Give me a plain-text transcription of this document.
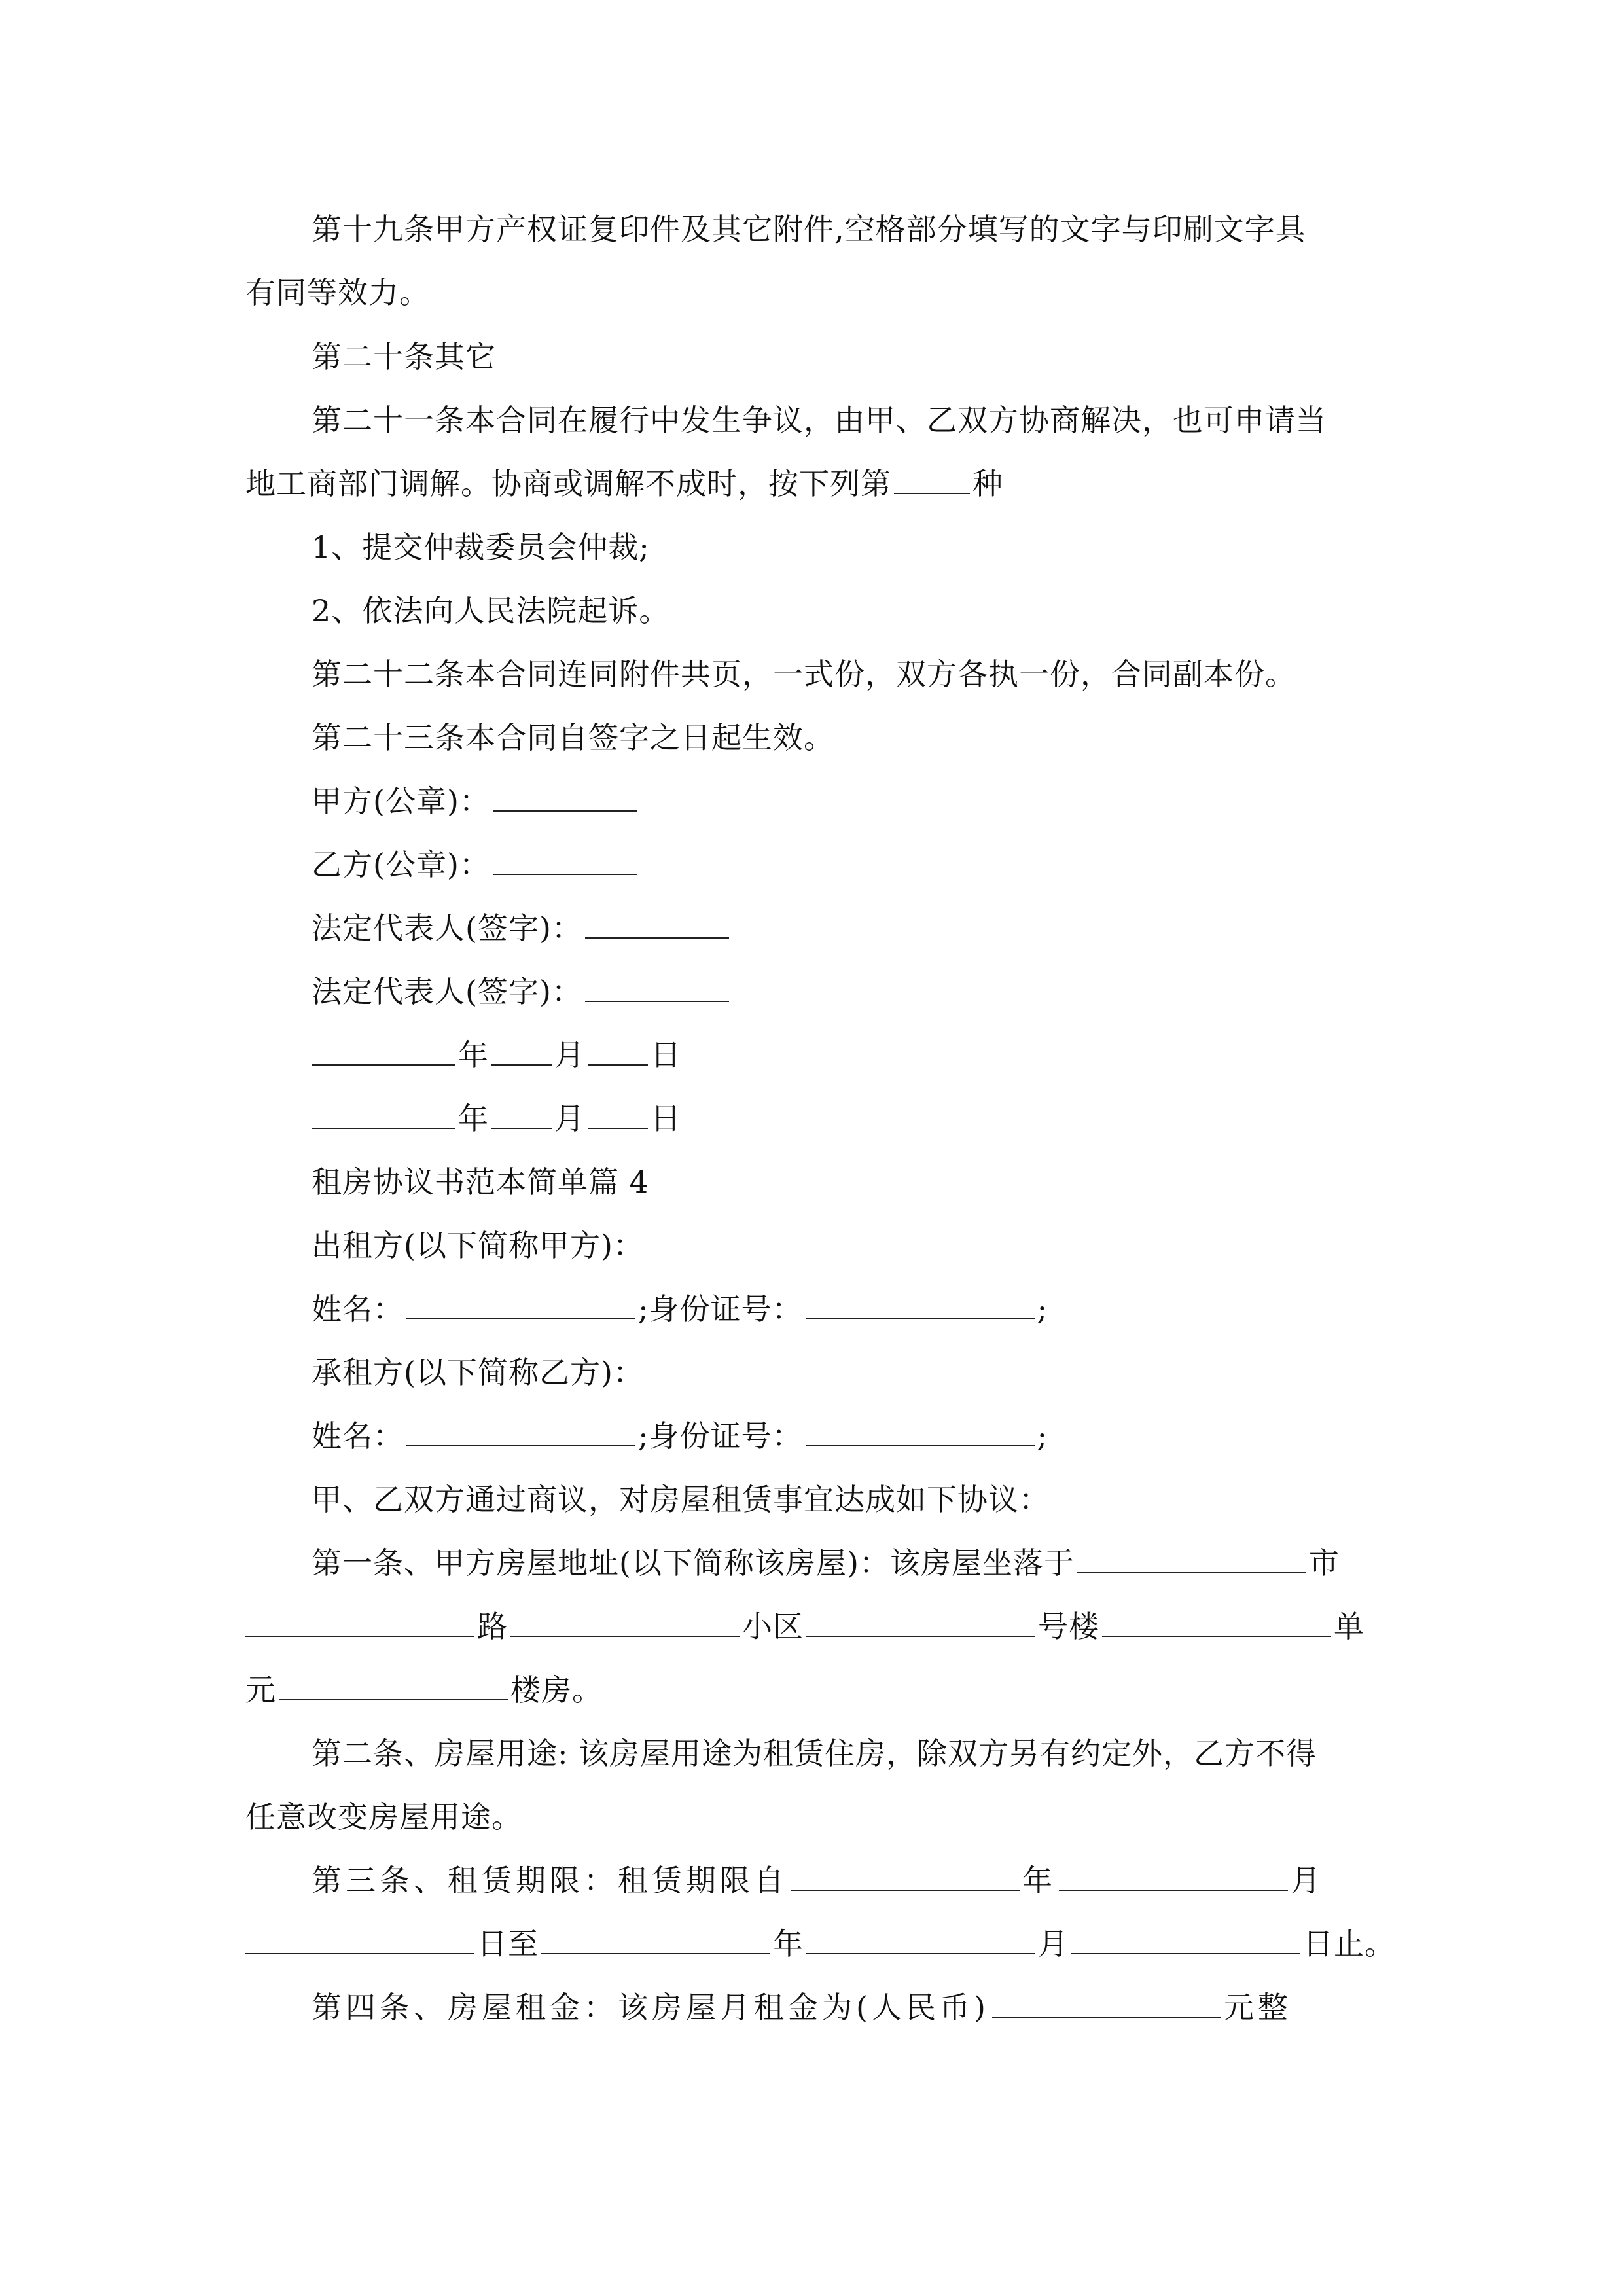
第十九条甲方产权证复印件及其它附件,空格部分填写的文字与印刷文字具
有同等效力。
第二十条其它
第二十一条本合同在履行中发生争议，由甲、乙双方协商解决，也可申请当
地工商部门调解。协商或调解不成时，按下列第	种
1、提交仲裁委员会仲裁;
2、依法向人民法院起诉。
第二十二条本合同连同附件共页，一式份，双方各执一份，合同副本份。
第二十三条本合同自签字之日起生效。
甲方(公章)：
乙方(公章)：
法定代表人(签字)：
法定代表人(签字)：
年 月 日
年 月 日
租房协议书范本简单篇 4
出租方(以下简称甲方)：
姓名：	;身份证号：	;
承租方(以下简称乙方)：
姓名：	;身份证号：	;
甲、乙双方通过商议，对房屋租赁事宜达成如下协议：
第一条、甲方房屋地址(以下简称该房屋)：该房屋坐落于	市
路	小区	号楼	单
元	楼房。
第二条、房屋用途: 该房屋用途为租赁住房，除双方另有约定外，乙方不得
任意改变房屋用途。
第三条、租赁期限：租赁期限自	年	月
日至	年	月	日止。
第四条、房屋租金：该房屋月租金为(人民币)	元整
